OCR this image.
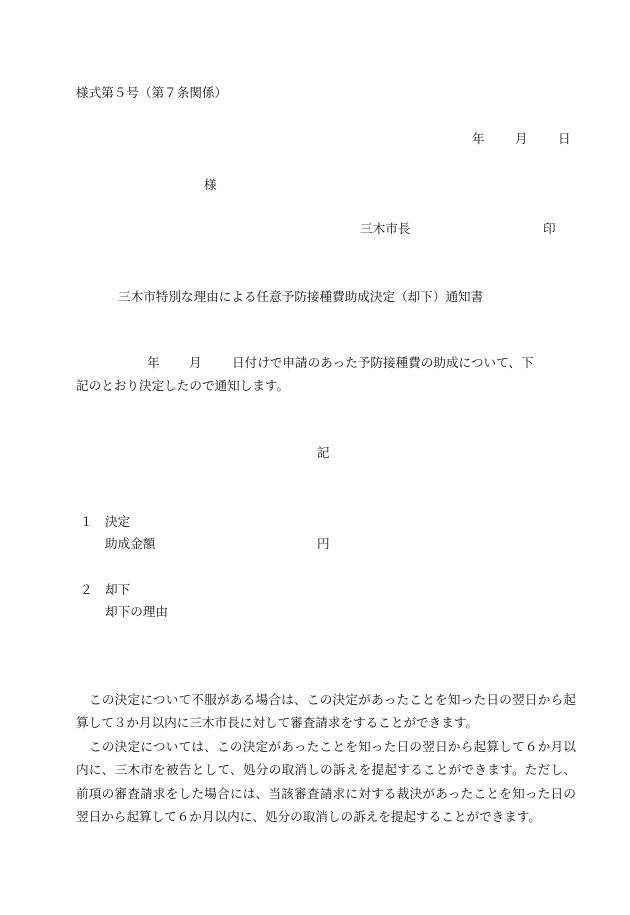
様式第５号（第７条関係）
年 月 日
様
三木市長	印
三木市特別な理由による任意予防接種費助成決定（却下）通知書
年 月 日付けで申請のあった予防接種費の助成について、下
記のとおり決定したので通知します。
記
１ 決定
助成金額	円
２ 却下
却下の理由

この決定について不服がある場合は、この決定があったことを知った日の翌日から起算して３か月以内に三木市長に対して審査請求をすることができます。

この決定については、この決定があったことを知った日の翌日から起算して６か月以内に、三木市を被告として、処分の取消しの訴えを提起することができます。ただし、前項の審査請求をした場合には、当該審査請求に対する裁決があったことを知った日の翌日から起算して６か月以内に、処分の取消しの訴えを提起することができます。
